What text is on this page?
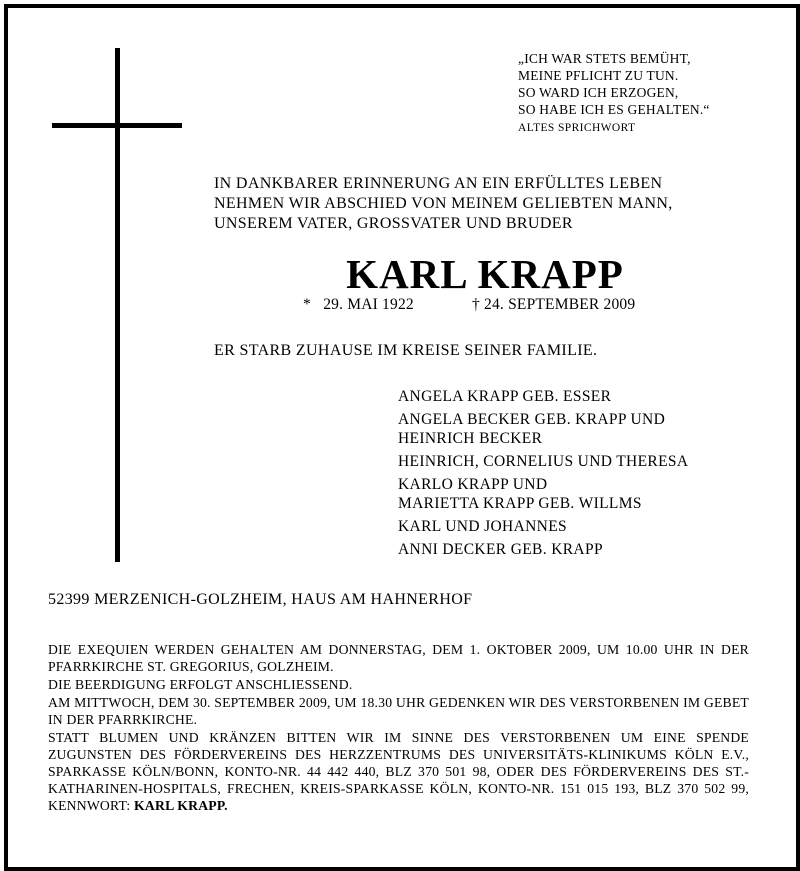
„ICH WAR STETS BEMÜHT,
MEINE PFLICHT ZU TUN.
SO WARD ICH ERZOGEN,
SO HABE ICH ES GEHALTEN.“
ALTES SPRICHWORT
IN DANKBARER ERINNERUNG AN EIN ERFÜLLTES LEBEN
NEHMEN WIR ABSCHIED VON MEINEM GELIEBTEN MANN,
UNSEREM VATER, GROSSVATER UND BRUDER
KARL KRAPP
* 29. MAI 1922	† 24. SEPTEMBER 2009
ER STARB ZUHAUSE IM KREISE SEINER FAMILIE.
ANGELA KRAPP GEB. ESSER
ANGELA BECKER GEB. KRAPP UND
HEINRICH BECKER
HEINRICH, CORNELIUS UND THERESA
KARLO KRAPP UND
MARIETTA KRAPP GEB. WILLMS
KARL UND JOHANNES
ANNI DECKER GEB. KRAPP
52399 MERZENICH-GOLZHEIM, HAUS AM HAHNERHOF

DIE EXEQUIEN WERDEN GEHALTEN AM DONNERSTAG, DEM 1. OKTOBER 2009, UM 10.00 UHR IN DER PFARRKIRCHE ST. GREGORIUS, GOLZHEIM.

DIE BEERDIGUNG ERFOLGT ANSCHLIESSEND.

AM MITTWOCH, DEM 30. SEPTEMBER 2009, UM 18.30 UHR GEDENKEN WIR DES VERSTORBENEN IM GEBET IN DER PFARRKIRCHE.

STATT BLUMEN UND KRÄNZEN BITTEN WIR IM SINNE DES VERSTORBENEN UM EINE SPENDE ZUGUNSTEN DES FÖRDERVEREINS DES HERZZENTRUMS DES UNIVERSITÄTS-KLINIKUMS KÖLN E.V., SPARKASSE KÖLN/BONN, KONTO-NR. 44 442 440, BLZ 370 501 98, ODER DES FÖRDERVEREINS DES ST.-KATHARINEN-HOSPITALS, FRECHEN, KREIS-SPARKASSE KÖLN, KONTO-NR. 151 015 193, BLZ 370 502 99, KENNWORT: KARL KRAPP.
